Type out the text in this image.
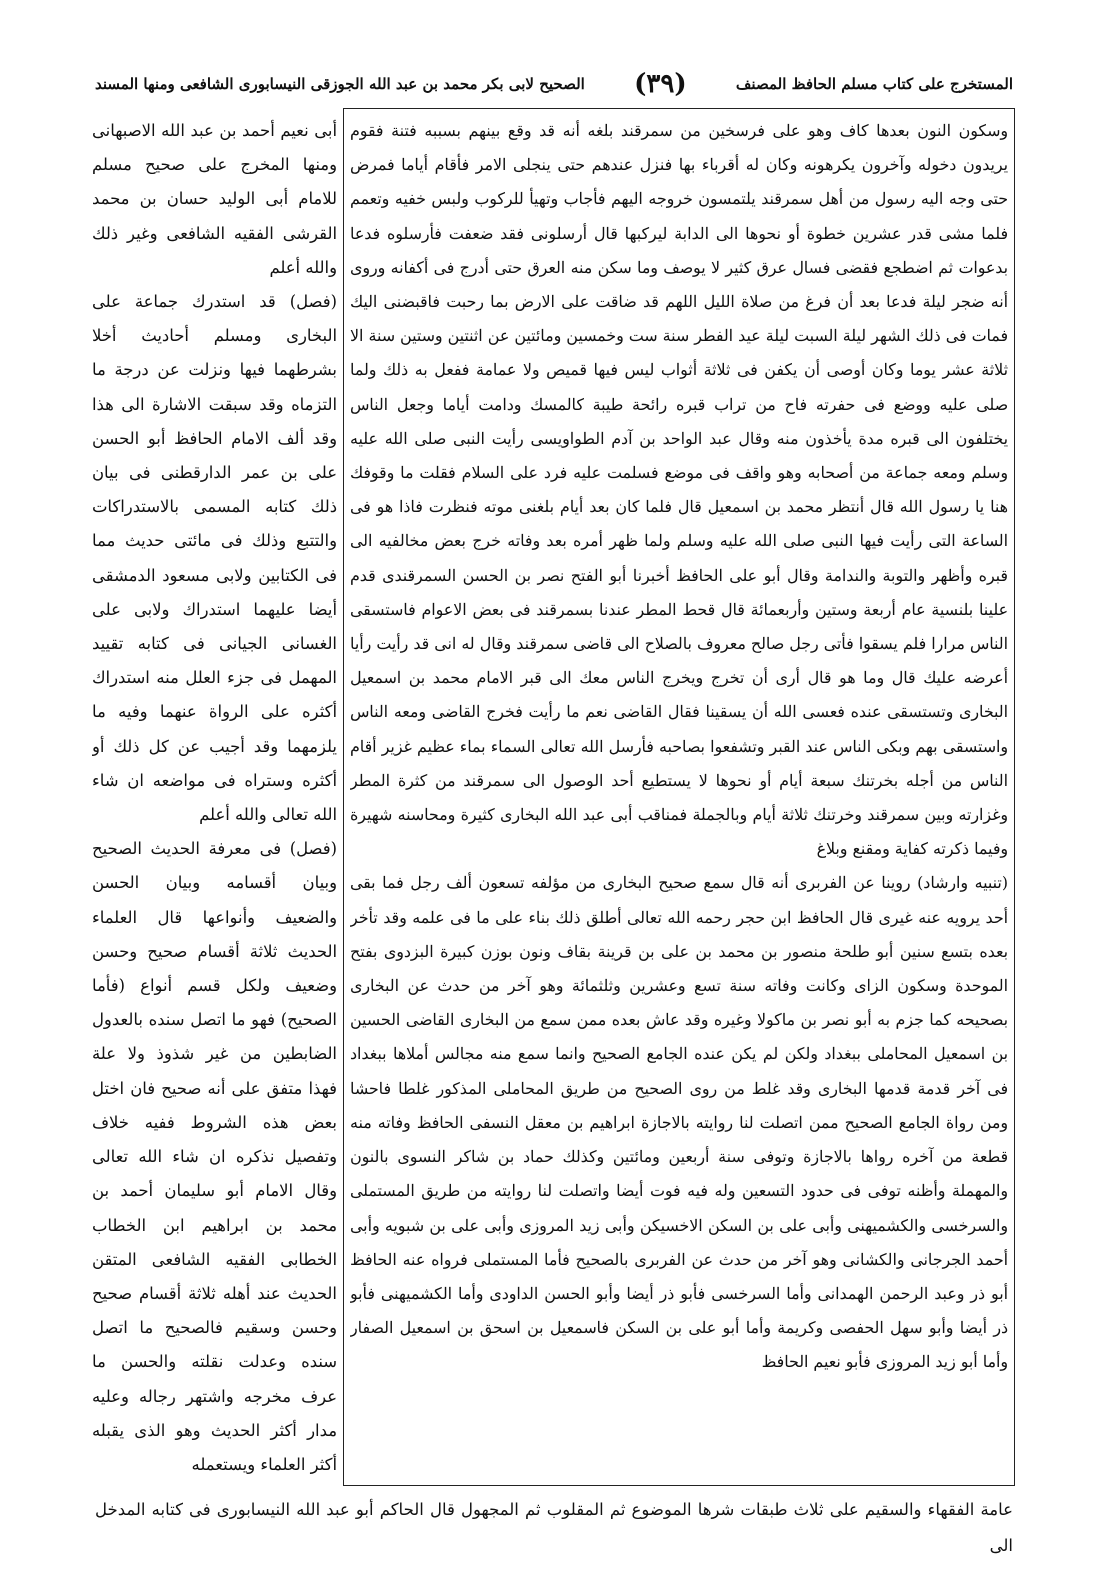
المستخرج على كتاب مسلم الحافظ المصنف
(٣٩)
الصحيح لابى بكر محمد بن عبد الله الجوزقى النيسابورى الشافعى ومنها المسند

وسكون النون بعدها كاف وهو على فرسخين من سمرقند بلغه أنه قد وقع بينهم بسببه فتنة فقوم يريدون دخوله وآخرون يكرهونه وكان له أقرباء بها فنزل عندهم حتى ينجلى الامر فأقام أياما فمرض حتى وجه اليه رسول من أهل سمرقند يلتمسون خروجه اليهم فأجاب وتهيأ للركوب ولبس خفيه وتعمم فلما مشى قدر عشرين خطوة أو نحوها الى الدابة ليركبها قال أرسلونى فقد ضعفت فأرسلوه فدعا بدعوات ثم اضطجع فقضى فسال عرق كثير لا يوصف وما سكن منه العرق حتى أدرج فى أكفانه وروى أنه ضجر ليلة فدعا بعد أن فرغ من صلاة الليل اللهم قد ضاقت على الارض بما رحبت فاقبضنى اليك فمات فى ذلك الشهر ليلة السبت ليلة عيد الفطر سنة ست وخمسين ومائتين عن اثنتين وستين سنة الا ثلاثة عشر يوما وكان أوصى أن يكفن فى ثلاثة أثواب ليس فيها قميص ولا عمامة ففعل به ذلك ولما صلى عليه ووضع فى حفرته فاح من تراب قبره رائحة طيبة كالمسك ودامت أياما وجعل الناس يختلفون الى قبره مدة يأخذون منه وقال عبد الواحد بن آدم الطواويسى رأيت النبى صلى الله عليه وسلم ومعه جماعة من أصحابه وهو واقف فى موضع فسلمت عليه فرد على السلام فقلت ما وقوفك هنا يا رسول الله قال أنتظر محمد بن اسمعيل قال فلما كان بعد أيام بلغنى موته فنظرت فاذا هو فى الساعة التى رأيت فيها النبى صلى الله عليه وسلم ولما ظهر أمره بعد وفاته خرج بعض مخالفيه الى قبره وأظهر والتوبة والندامة وقال أبو على الحافظ أخبرنا أبو الفتح نصر بن الحسن السمرقندى قدم علينا بلنسية عام أربعة وستين وأربعمائة قال قحط المطر عندنا بسمرقند فى بعض الاعوام فاستسقى الناس مرارا فلم يسقوا فأتى رجل صالح معروف بالصلاح الى قاضى سمرقند وقال له انى قد رأيت رأيا أعرضه عليك قال وما هو قال أرى أن تخرج ويخرج الناس معك الى قبر الامام محمد بن اسمعيل البخارى وتستسقى عنده فعسى الله أن يسقينا فقال القاضى نعم ما رأيت فخرج القاضى ومعه الناس واستسقى بهم وبكى الناس عند القبر وتشفعوا بصاحبه فأرسل الله تعالى السماء بماء عظيم غزير أقام الناس من أجله بخرتنك سبعة أيام أو نحوها لا يستطيع أحد الوصول الى سمرقند من كثرة المطر وغزارته وبين سمرقند وخرتنك ثلاثة أيام وبالجملة فمناقب أبى عبد الله البخارى كثيرة ومحاسنه شهيرة وفيما ذكرته كفاية ومقنع وبلاغ

(تنبيه وارشاد) روينا عن الفربرى أنه قال سمع صحيح البخارى من مؤلفه تسعون ألف رجل فما بقى أحد يرويه عنه غيرى قال الحافظ ابن حجر رحمه الله تعالى أطلق ذلك بناء على ما فى علمه وقد تأخر بعده بتسع سنين أبو طلحة منصور بن محمد بن على بن قرينة بقاف ونون بوزن كبيرة البزدوى بفتح الموحدة وسكون الزاى وكانت وفاته سنة تسع وعشرين وثلثمائة وهو آخر من حدث عن البخارى بصحيحه كما جزم به أبو نصر بن ماكولا وغيره وقد عاش بعده ممن سمع من البخارى القاضى الحسين بن اسمعيل المحاملى ببغداد ولكن لم يكن عنده الجامع الصحيح وانما سمع منه مجالس أملاها ببغداد فى آخر قدمة قدمها البخارى وقد غلط من روى الصحيح من طريق المحاملى المذكور غلطا فاحشا ومن رواة الجامع الصحيح ممن اتصلت لنا روايته بالاجازة ابراهيم بن معقل النسفى الحافظ وفاته منه قطعة من آخره رواها بالاجازة وتوفى سنة أربعين ومائتين وكذلك حماد بن شاكر النسوى بالنون والمهملة وأظنه توفى فى حدود التسعين وله فيه فوت أيضا واتصلت لنا روايته من طريق المستملى والسرخسى والكشميهنى وأبى على بن السكن الاخسيكن وأبى زيد المروزى وأبى على بن شبويه وأبى أحمد الجرجانى والكشانى وهو آخر من حدث عن الفربرى بالصحيح فأما المستملى فرواه عنه الحافظ أبو ذر وعبد الرحمن الهمدانى وأما السرخسى فأبو ذر أيضا وأبو الحسن الداودى وأما الكشميهنى فأبو ذر أيضا وأبو سهل الحفصى وكريمة وأما أبو على بن السكن فاسمعيل بن اسحق بن اسمعيل الصفار وأما أبو زيد المروزى فأبو نعيم الحافظ

أبى نعيم أحمد بن عبد الله الاصبهانى ومنها المخرج على صحيح مسلم للامام أبى الوليد حسان بن محمد القرشى الفقيه الشافعى وغير ذلك والله أعلم

(فصل) قد استدرك جماعة على البخارى ومسلم أحاديث أخلا بشرطهما فيها ونزلت عن درجة ما التزماه وقد سبقت الاشارة الى هذا وقد ألف الامام الحافظ أبو الحسن على بن عمر الدارقطنى فى بيان ذلك كتابه المسمى بالاستدراكات والتتبع وذلك فى مائتى حديث مما فى الكتابين ولابى مسعود الدمشقى أيضا عليهما استدراك ولابى على الغسانى الجيانى فى كتابه تقييد المهمل فى جزء العلل منه استدراك أكثره على الرواة عنهما وفيه ما يلزمهما وقد أجيب عن كل ذلك أو أكثره وستراه فى مواضعه ان شاء الله تعالى والله أعلم

(فصل) فى معرفة الحديث الصحيح وبيان أقسامه وبيان الحسن والضعيف وأنواعها قال العلماء الحديث ثلاثة أقسام صحيح وحسن وضعيف ولكل قسم أنواع (فأما الصحيح) فهو ما اتصل سنده بالعدول الضابطين من غير شذوذ ولا علة فهذا متفق على أنه صحيح فان اختل بعض هذه الشروط ففيه خلاف وتفصيل نذكره ان شاء الله تعالى وقال الامام أبو سليمان أحمد بن محمد بن ابراهيم ابن الخطاب الخطابى الفقيه الشافعى المتقن الحديث عند أهله ثلاثة أقسام صحيح وحسن وسقيم فالصحيح ما اتصل سنده وعدلت نقلته والحسن ما عرف مخرجه واشتهر رجاله وعليه مدار أكثر الحديث وهو الذى يقبله أكثر العلماء ويستعمله

عامة الفقهاء والسقيم على ثلاث طبقات شرها الموضوع ثم المقلوب ثم المجهول قال الحاكم أبو عبد الله النيسابورى فى كتابه المدخل الى
